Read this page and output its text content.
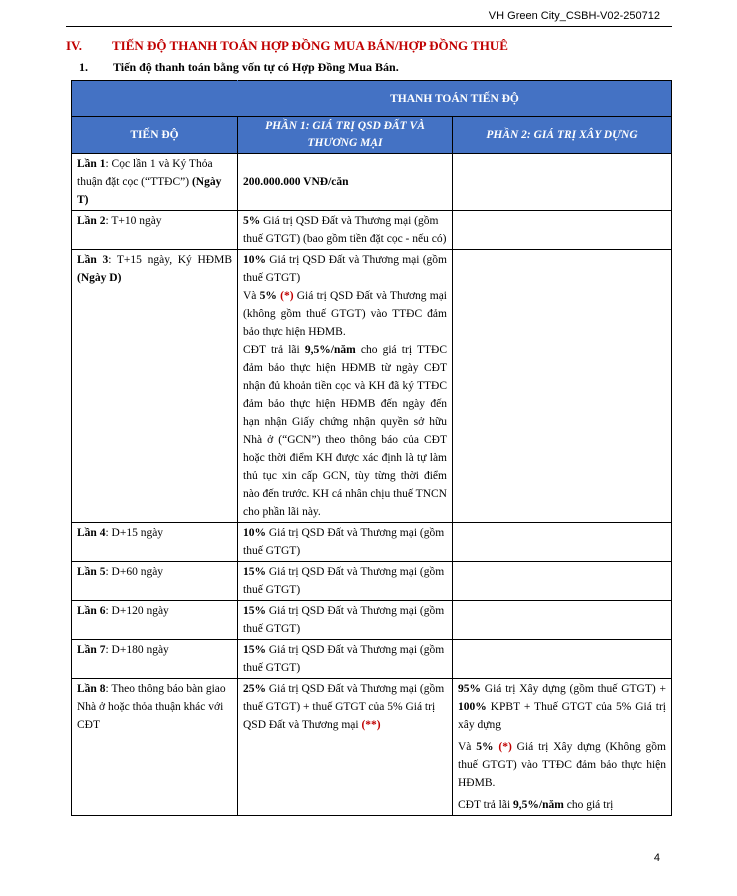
VH Green City_CSBH-V02-250712
IV. TIẾN ĐỘ THANH TOÁN HỢP ĐỒNG MUA BÁN/HỢP ĐỒNG THUÊ
1. Tiến độ thanh toán bằng vốn tự có Hợp Đồng Mua Bán.
	THANH TOÁN TIẾN ĐỘ	
TIẾN ĐỘ	PHẦN 1: GIÁ TRỊ QSD ĐẤT VÀ THƯƠNG MẠI	PHẦN 2: GIÁ TRỊ XÂY DỰNG
Lần 1: Cọc lần 1 và Ký Thỏa thuận đặt cọc (“TTĐC”) (Ngày T)	200.000.000 VNĐ/căn	
Lần 2: T+10 ngày	5% Giá trị QSD Đất và Thương mại (gồm thuế GTGT) (bao gồm tiền đặt cọc - nếu có)	
Lần 3: T+15 ngày, Ký HĐMB (Ngày D)	10% Giá trị QSD Đất và Thương mại (gồm thuế GTGT)
Và 5% (*) Giá trị QSD Đất và Thương mại (không gồm thuế GTGT) vào TTĐC đảm bảo thực hiện HĐMB.
CĐT trả lãi 9,5%/năm cho giá trị TTĐC đảm bảo thực hiện HĐMB từ ngày CĐT nhận đủ khoản tiền cọc và KH đã ký TTĐC đảm bảo thực hiện HĐMB đến ngày đến hạn nhận Giấy chứng nhận quyền sở hữu Nhà ở (“GCN”) theo thông báo của CĐT hoặc thời điểm KH được xác định là tự làm thủ tục xin cấp GCN, tùy từng thời điểm nào đến trước. KH cá nhân chịu thuế TNCN cho phần lãi này.	

Lần 4: D+15 ngày	10% Giá trị QSD Đất và Thương mại (gồm thuế GTGT)	
Lần 5: D+60 ngày	15% Giá trị QSD Đất và Thương mại (gồm thuế GTGT)	
Lần 6: D+120 ngày	15% Giá trị QSD Đất và Thương mại (gồm thuế GTGT)	
Lần 7: D+180 ngày	15% Giá trị QSD Đất và Thương mại (gồm thuế GTGT)	
Lần 8: Theo thông báo bàn giao Nhà ở hoặc thỏa thuận khác với CĐT	25% Giá trị QSD Đất và Thương mại (gồm thuế GTGT) + thuế GTGT của 5% Giá trị QSD Đất và Thương mại (**)	95% Giá trị Xây dựng (gồm thuế GTGT) + 100% KPBT + Thuế GTGT của 5% Giá trị xây dựng
Và 5% (*) Giá trị Xây dựng (Không gồm thuế GTGT) vào TTĐC đảm bảo thực hiện HĐMB.
CĐT trả lãi 9,5%/năm cho giá trị
4
